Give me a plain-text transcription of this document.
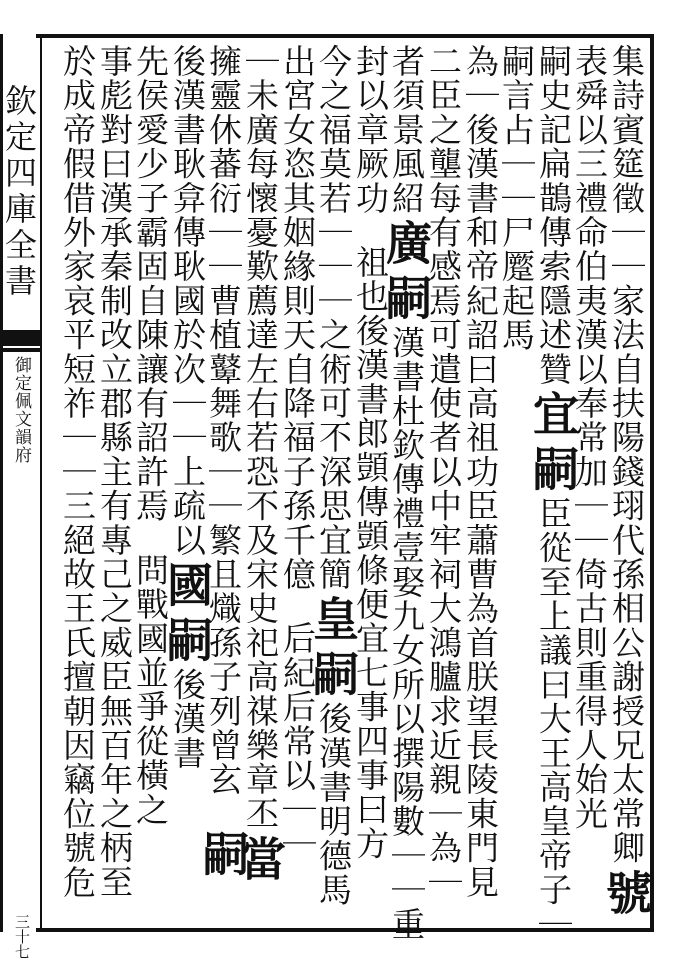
欽定四庫全書
御定佩文韻府
三十七
集詩賓筵徵｜｜家法自扶陽錢珝代孫相公謝授兄太常卿號
表舜以三禮命伯夷漢以奉常加｜｜倚古則重得人始光
嗣史記扁鵲傳索隱述贊宜嗣臣從至上議曰大王高皇帝子｜
嗣言占｜｜尸蹷起馬
為｜後漢書和帝紀詔曰高祖功臣蕭曹為首朕望長陵東門見
二臣之壟每有感焉可遣使者以中牢祠大鴻臚求近親｜為｜
者須景風紹廣嗣漢書杜欽傳禮壹娶九女所以撰陽數｜｜重
封以章厥功祖也後漢書郎顗傳顗條便宜七事四事曰方
今之福莫若｜｜｜之術可不深思宜簡皇嗣後漢書明德馬
出宮女恣其姻緣則天自降福子孫千億后紀后常以｜｜
｜未廣每懷憂歎薦達左右若恐不及宋史祀高禖樂章丕當
擁靈休蕃衍｜｜曹植鼙舞歌｜｜繁且熾孫子列曾玄嗣
後漢書耿弇傳耿國於次｜｜上疏以國嗣後漢書
先侯愛少子霸固自陳讓有詔許焉問戰國並爭從橫之
事彪對曰漢承秦制改立郡縣主有專己之威臣無百年之柄至
於成帝假借外家哀平短祚｜｜三絕故王氏擅朝因竊位號危
